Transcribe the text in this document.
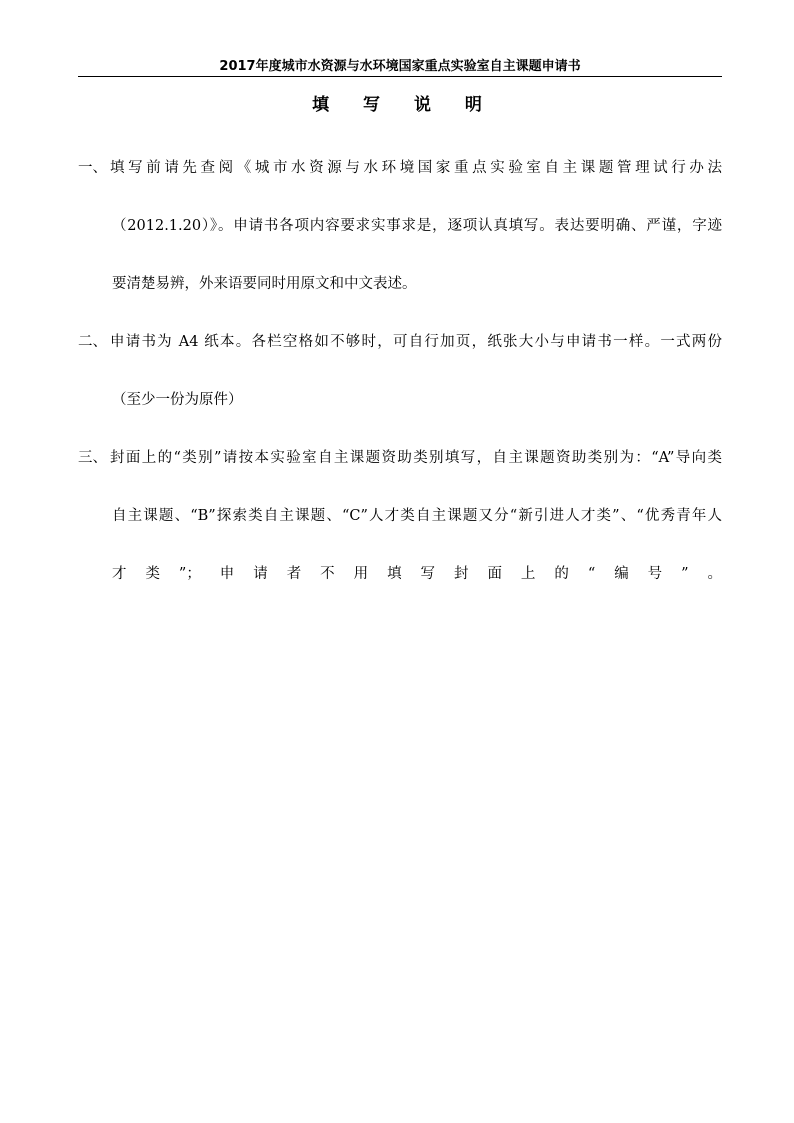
2017年度城市水资源与水环境国家重点实验室自主课题申请书
填 写 说 明
一、 填写前请先查阅《城市水资源与水环境国家重点实验室自主课题管理试行办法
（2012.1.20）》。申请书各项内容要求实事求是，逐项认真填写。表达要明确、严谨，字迹
要清楚易辨，外来语要同时用原文和中文表述。
二、 申请书为 A4 纸本。各栏空格如不够时，可自行加页，纸张大小与申请书一样。一式两份
（至少一份为原件）
三、 封面上的“类别”请按本实验室自主课题资助类别填写，自主课题资助类别为：“A”导向类
自主课题、“B”探索类自主课题、“C”人才类自主课题又分“新引进人才类”、“优秀青年人
才类”；申请者不用填写封面上的“编号”。
